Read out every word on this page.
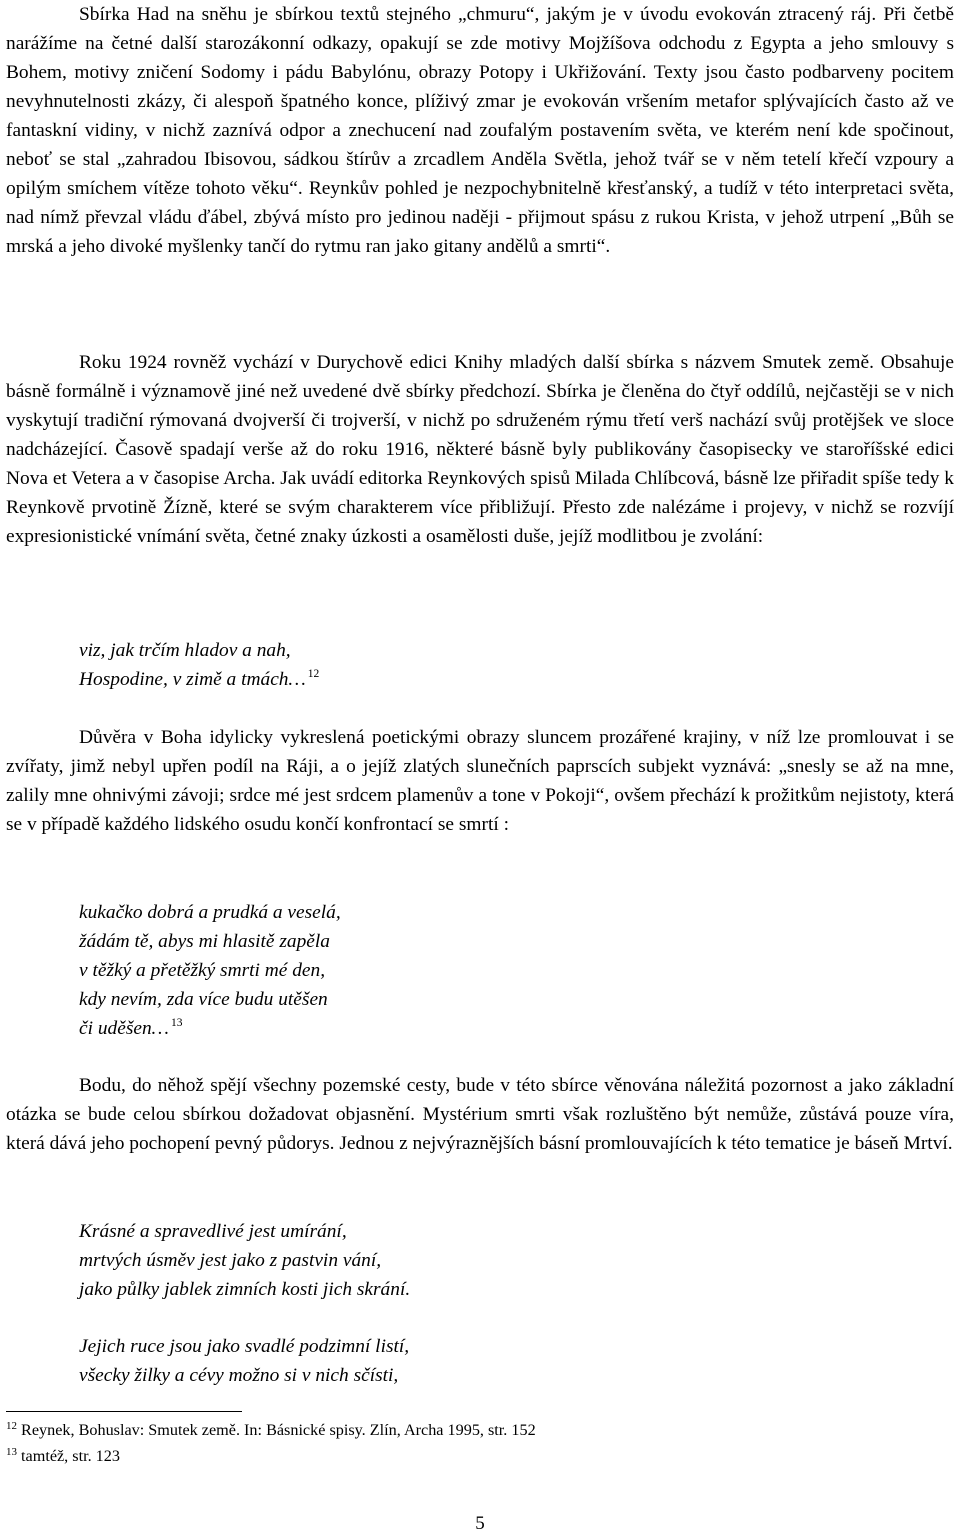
Sbírka Had na sněhu je sbírkou textů stejného „chmuru“, jakým je v úvodu evokován ztracený ráj. Při četbě narážíme na četné další starozákonní odkazy, opakují se zde motivy Mojžíšova odchodu z Egypta a jeho smlouvy s Bohem, motivy zničení Sodomy i pádu Babylónu, obrazy Potopy i Ukřižování. Texty jsou často podbarveny pocitem nevyhnutelnosti zkázy, či alespoň špatného konce, plíživý zmar je evokován vršením metafor splývajících často až ve fantaskní vidiny, v nichž zaznívá odpor a znechucení nad zoufalým postavením světa, ve kterém není kde spočinout, neboť se stal „zahradou Ibisovou, sádkou štírův a zrcadlem Anděla Světla, jehož tvář se v něm tetelí křečí vzpoury a opilým smíchem vítěze tohoto věku“. Reynkův pohled je nezpochybnitelně křesťanský, a tudíž v této interpretaci světa, nad nímž převzal vládu ďábel, zbývá místo pro jedinou naději - přijmout spásu z rukou Krista, v jehož utrpení „Bůh se mrská a jeho divoké myšlenky tančí do rytmu ran jako gitany andělů a smrti“.

Roku 1924 rovněž vychází v Durychově edici Knihy mladých další sbírka s názvem Smutek země. Obsahuje básně formálně i významově jiné než uvedené dvě sbírky předchozí. Sbírka je členěna do čtyř oddílů, nejčastěji se v nich vyskytují tradiční rýmovaná dvojverší či trojverší, v nichž po sdruženém rýmu třetí verš nachází svůj protějšek ve sloce nadcházející. Časově spadají verše až do roku 1916, některé básně byly publikovány časopisecky ve staroříšské edici Nova et Vetera a v časopise Archa. Jak uvádí editorka Reynkových spisů Milada Chlíbcová, básně lze přiřadit spíše tedy k Reynkově prvotině Žízně, které se svým charakterem více přibližují. Přesto zde nalézáme i projevy, v nichž se rozvíjí expresionistické vnímání světa, četné znaky úzkosti a osamělosti duše, jejíž modlitbou je zvolání:

viz, jak trčím hladov a nah,
Hospodine, v zimě a tmách… $^{12}$

Důvěra v Boha idylicky vykreslená poetickými obrazy sluncem prozářené krajiny, v níž lze promlouvat i se zvířaty, jimž nebyl upřen podíl na Ráji, a o jejíž zlatých slunečních paprscích subjekt vyznává: „snesly se až na mne, zalily mne ohnivými závoji; srdce mé jest srdcem plamenův a tone v Pokoji“, ovšem přechází k prožitkům nejistoty, která se v případě každého lidského osudu končí konfrontací se smrtí :

kukačko dobrá a prudká a veselá,
žádám tě, abys mi hlasitě zapěla
v těžký a přetěžký smrti mé den,
kdy nevím, zda více budu utěšen
či uděšen… $^{13}$

Bodu, do něhož spějí všechny pozemské cesty, bude v této sbírce věnována náležitá pozornost a jako základní otázka se bude celou sbírkou dožadovat objasnění. Mystérium smrti však rozluštěno být nemůže, zůstává pouze víra, která dává jeho pochopení pevný půdorys. Jednou z nejvýraznějších básní promlouvajících k této tematice je báseň Mrtví.

Krásné a spravedlivé jest umírání,
mrtvých úsměv jest jako z pastvin vání,
jako půlky jablek zimních kosti jich skrání.
Jejich ruce jsou jako svadlé podzimní listí,
všecky žilky a cévy možno si v nich sčísti,
$^{12}$ Reynek, Bohuslav: Smutek země. In: Básnické spisy. Zlín, Archa 1995, str. 152
$^{13}$ tamtéž, str. 123
5
